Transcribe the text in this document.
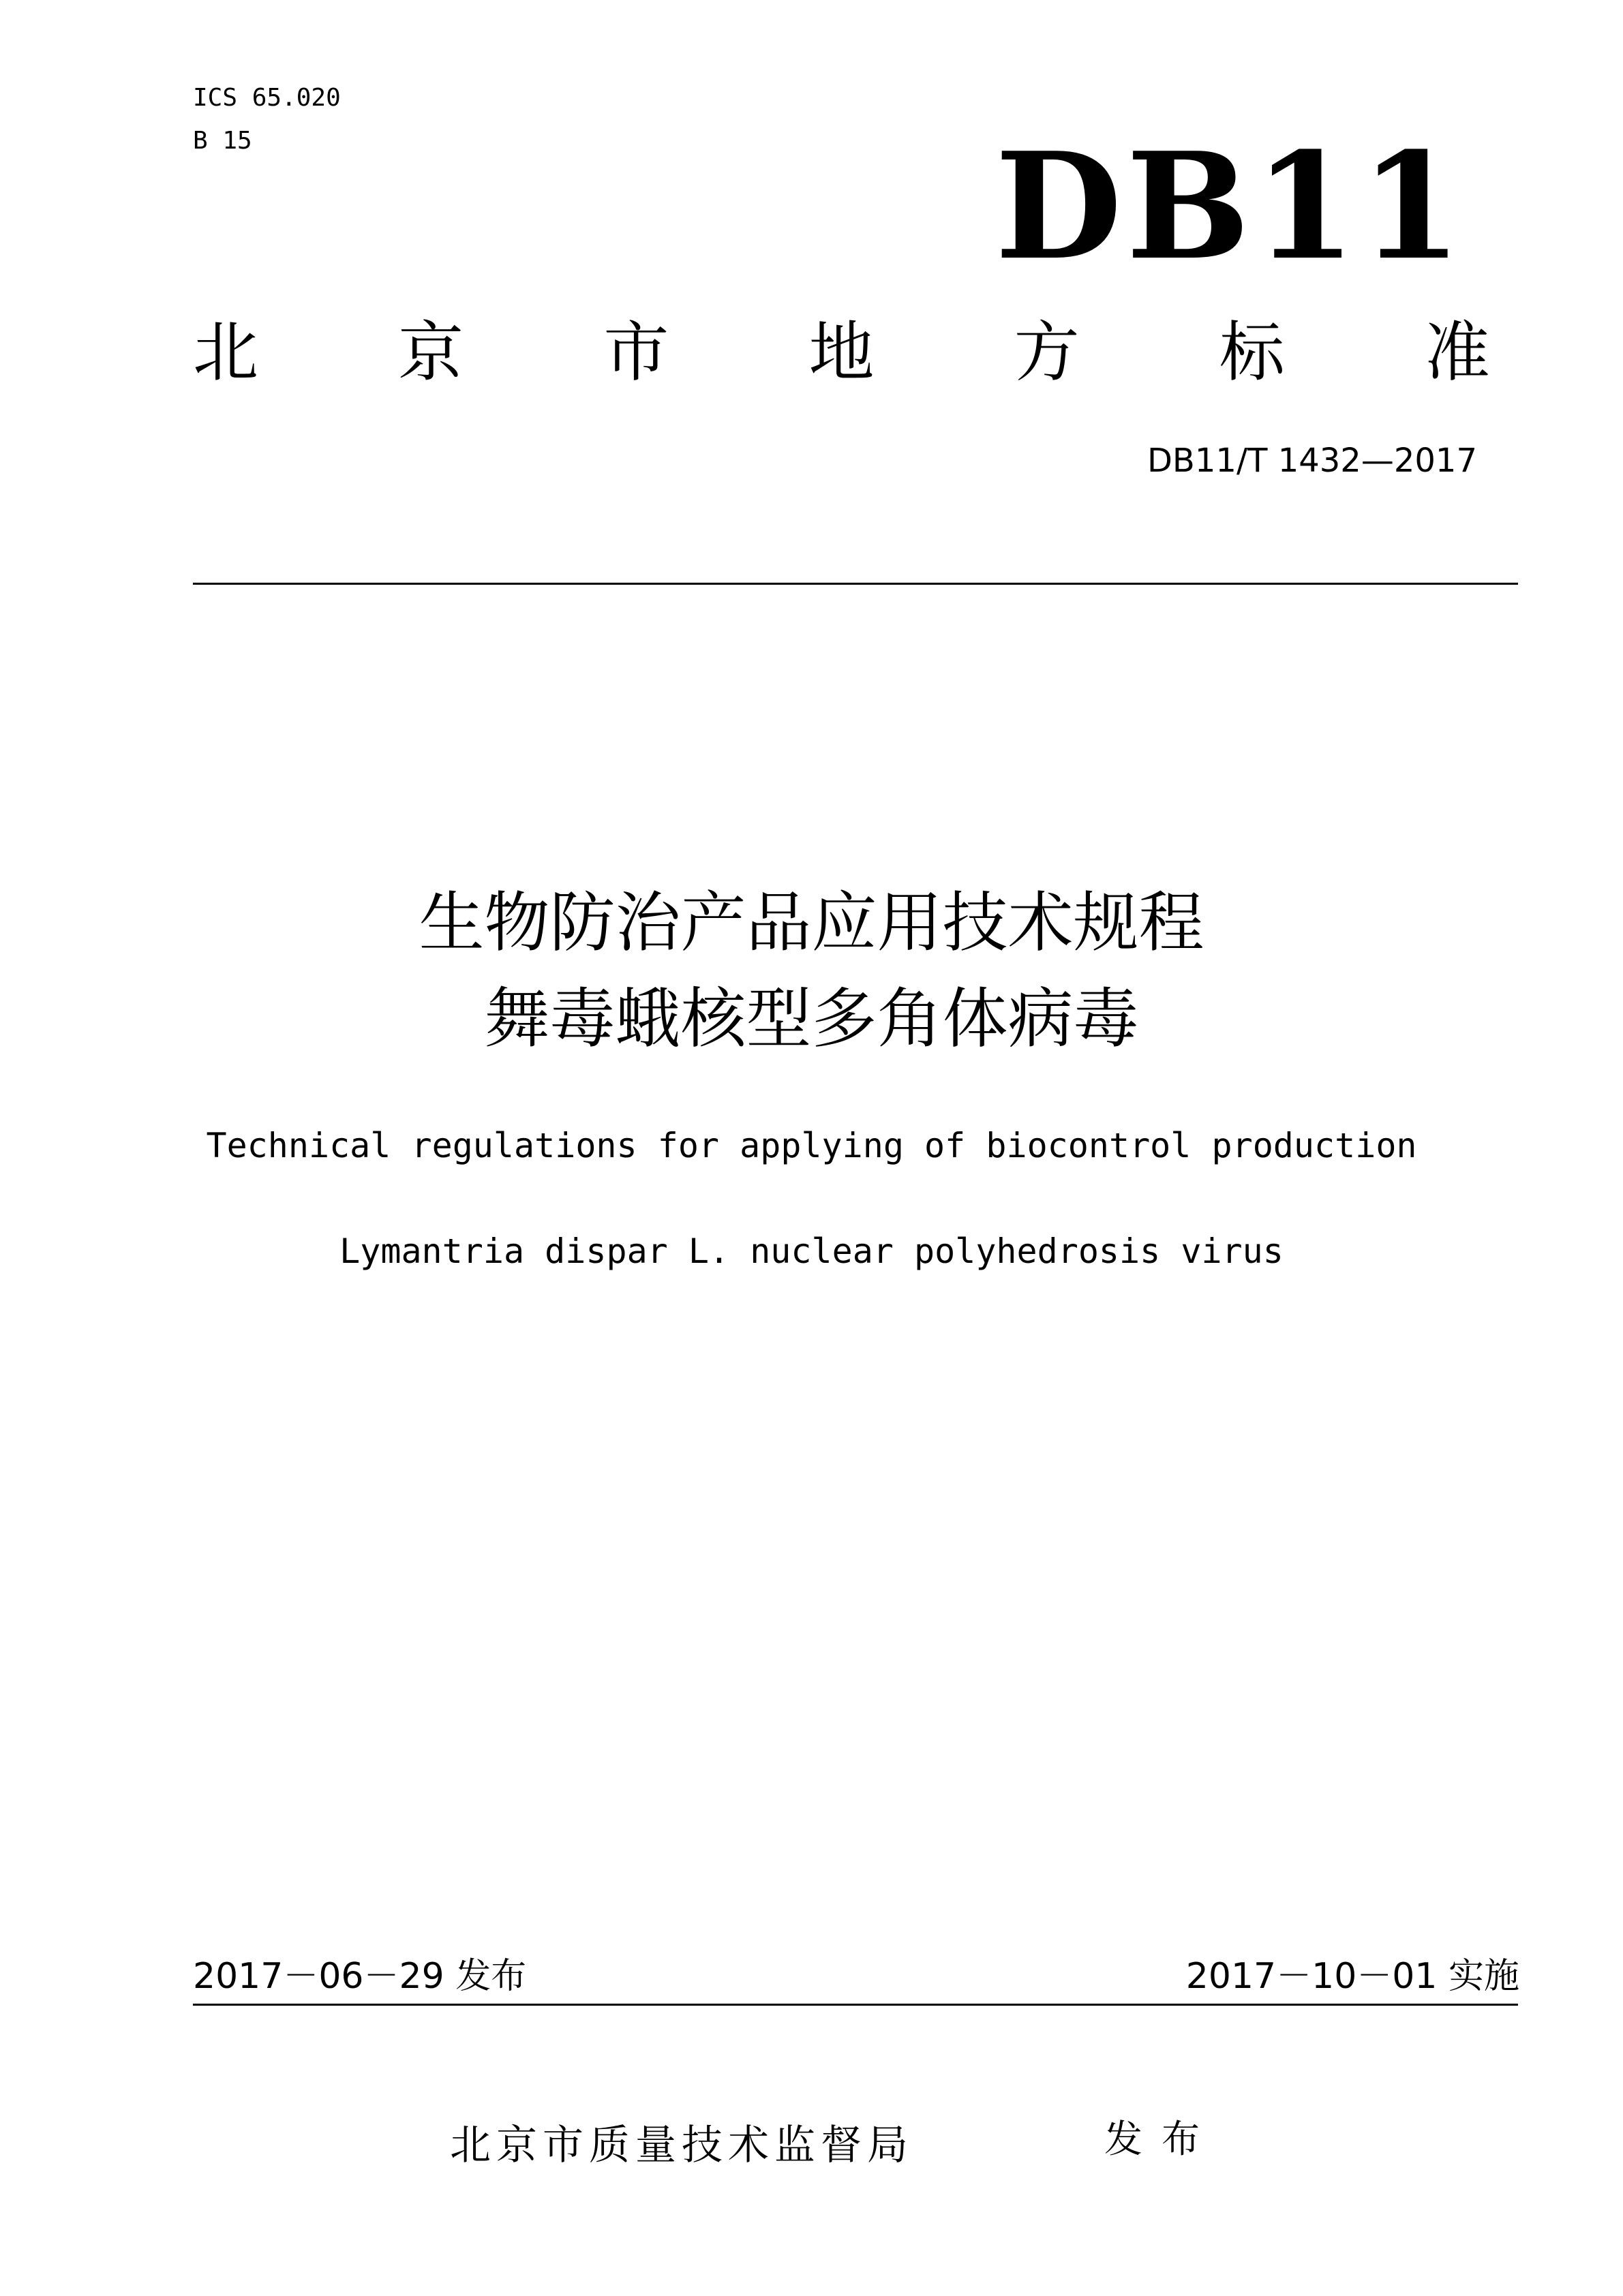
ICS 65.020
B 15	DB11
北 京 市 地 方 标 准
DB11/T 1432—2017
生物防治产品应用技术规程
舞毒蛾核型多角体病毒
Technical regulations for applying of biocontrol production
Lymantria dispar L. nuclear polyhedrosis virus
2017－06－29 发布	2017－10－01 实施
北京市质量技术监督局	发布
